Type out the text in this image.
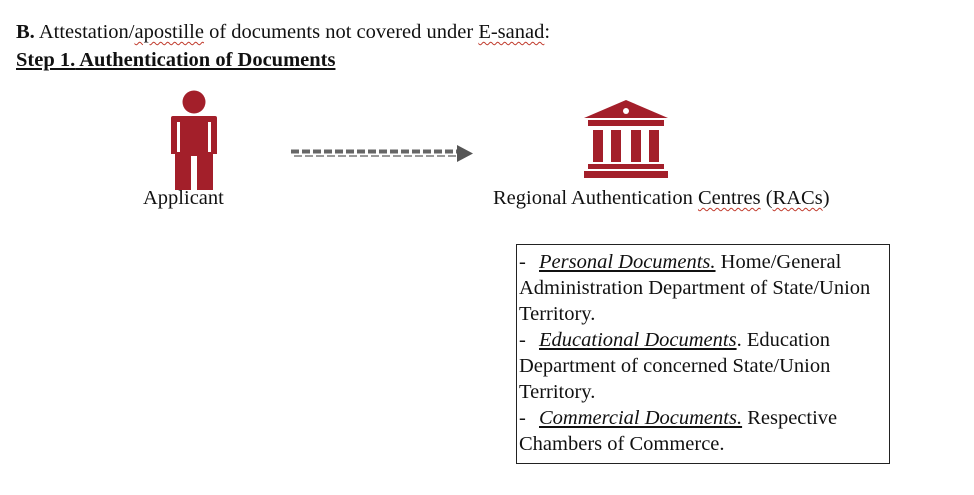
B. Attestation/apostille of documents not covered under E-sanad:
Step 1. Authentication of Documents
Applicant	Regional Authentication Centres (RACs)

- Personal Documents. Home/General Administration Department of State/Union Territory.

- Educational Documents. Education Department of concerned State/Union Territory.

- Commercial Documents. Respective Chambers of Commerce.
